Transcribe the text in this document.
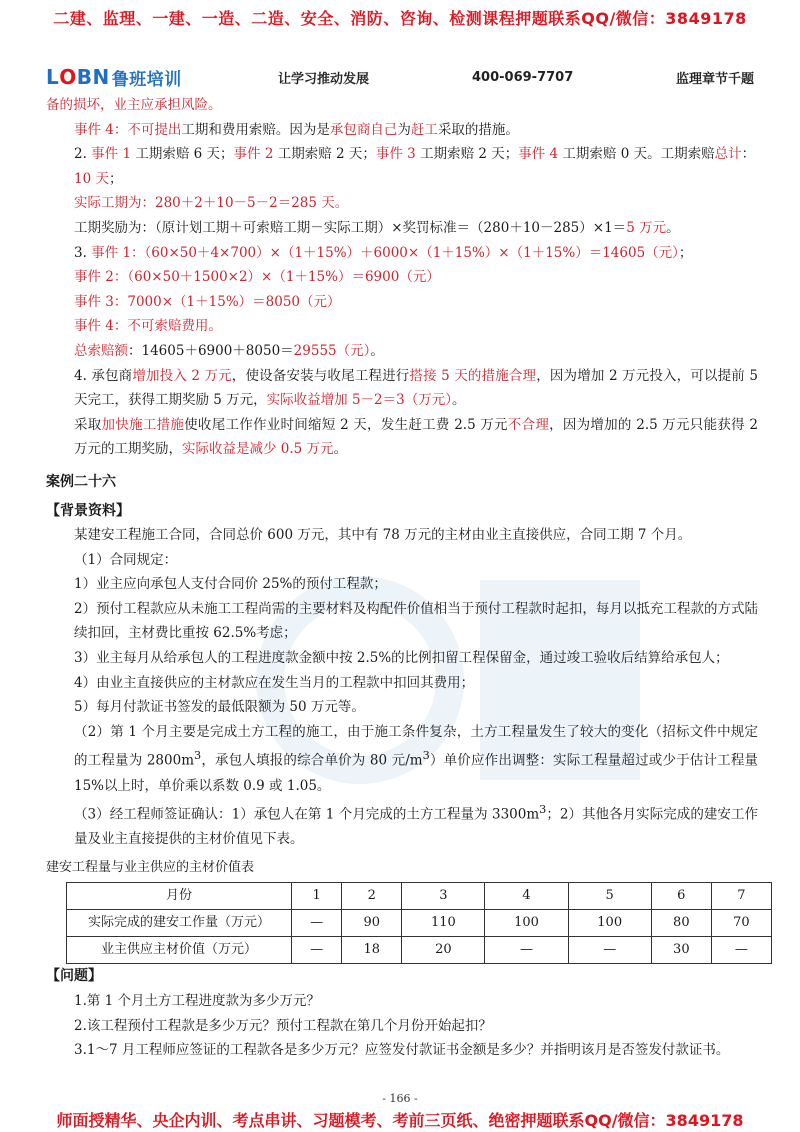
二建、监理、一建、一造、二造、安全、消防、咨询、检测课程押题联系QQ/微信：3849178
L O BN 鲁班培训	让学习推动发展	400-069-7707	监理章节千题

备的损坏，业主应承担风险。

事件 4：不可提出工期和费用索赔。因为是承包商自己为赶工采取的措施。

2. 事件 1 工期索赔 6 天；事件 2 工期索赔 2 天；事件 3 工期索赔 2 天；事件 4 工期索赔 0 天。工期索赔总计：
10 天；

实际工期为：280＋2＋10－5－2＝285 天。

工期奖励为：（原计划工期＋可索赔工期－实际工期）×奖罚标准＝（280＋10－285）×1＝5 万元。

3. 事件 1：（60×50＋4×700）×（1＋15%）＋6000×（1＋15%）×（1＋15%）＝14605（元）；

事件 2：（60×50＋1500×2）×（1＋15%）＝6900（元）

事件 3：7000×（1＋15%）＝8050（元）

事件 4：不可索赔费用。

总索赔额：14605＋6900＋8050＝29555（元）。

4. 承包商增加投入 2 万元，使设备安装与收尾工程进行搭接 5 天的措施合理，因为增加 2 万元投入，可以提前 5 天完工，获得工期奖励 5 万元，实际收益增加 5－2＝3（万元）。

采取加快施工措施使收尾工作作业时间缩短 2 天，发生赶工费 2.5 万元不合理，因为增加的 2.5 万元只能获得 2 万元的工期奖励，实际收益是减少 0.5 万元。

案例二十六

【背景资料】

某建安工程施工合同，合同总价 600 万元，其中有 78 万元的主材由业主直接供应，合同工期 7 个月。

（1）合同规定：

1）业主应向承包人支付合同价 25%的预付工程款；

2）预付工程款应从未施工工程尚需的主要材料及构配件价值相当于预付工程款时起扣，每月以抵充工程款的方式陆续扣回，主材费比重按 62.5%考虑；

3）业主每月从给承包人的工程进度款金额中按 2.5%的比例扣留工程保留金，通过竣工验收后结算给承包人；

4）由业主直接供应的主材款应在发生当月的工程款中扣回其费用；

5）每月付款证书签发的最低限额为 50 万元等。

（2）第 1 个月主要是完成土方工程的施工，由于施工条件复杂，土方工程量发生了较大的变化（招标文件中规定的工程量为 $2800m^3$，承包人填报的综合单价为 80 元$/m^3$）单价应作出调整：实际工程量超过或少于估计工程量 15%以上时，单价乘以系数 0.9 或 1.05。

（3）经工程师签证确认：1）承包人在第 1 个月完成的土方工程量为 $3300m^3$；2）其他各月实际完成的建安工作量及业主直接提供的主材价值见下表。

建安工程量与业主供应的主材价值表

月份	1	2	3	4	5	6	7
实际完成的建安工作量（万元）	—	90	110	100	100	80	70
业主供应主材价值（万元）	—	18	20	—	—	30	—

【问题】

1.第 1 个月土方工程进度款为多少万元？

2.该工程预付工程款是多少万元？预付工程款在第几个月份开始起扣？

3.1～7 月工程师应签证的工程款各是多少万元？应签发付款证书金额是多少？并指明该月是否签发付款证书。

- 166 -
师面授精华、央企内训、考点串讲、习题模考、考前三页纸、绝密押题联系QQ/微信：3849178
